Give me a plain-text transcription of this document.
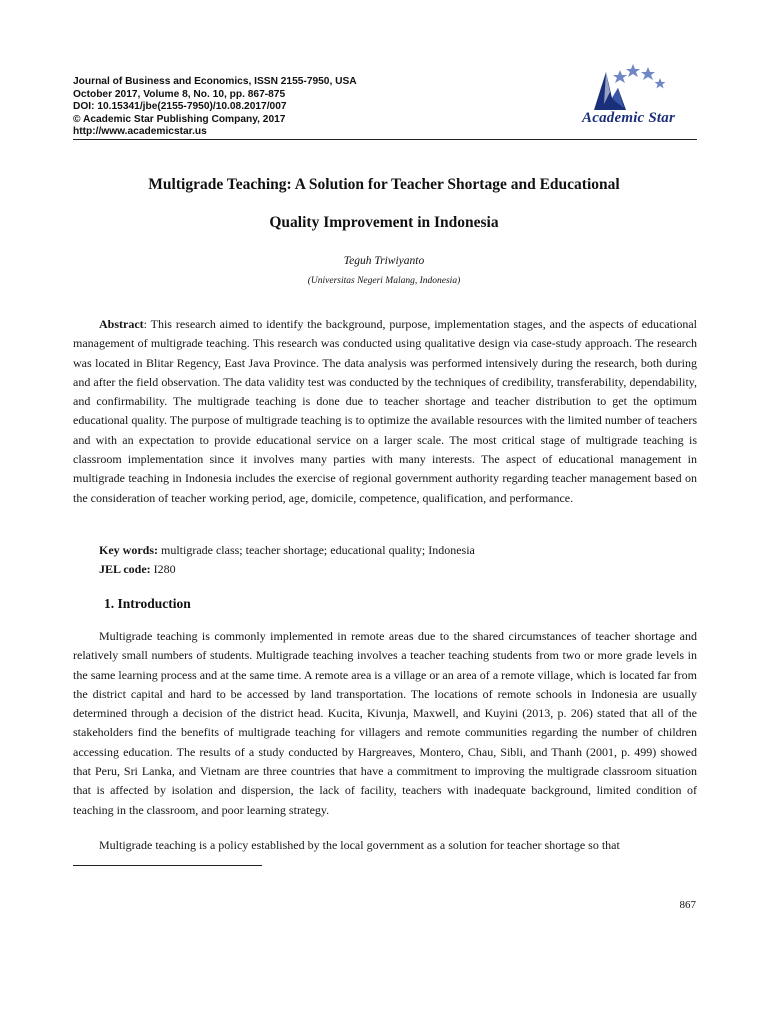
Journal of Business and Economics, ISSN 2155-7950, USA
October 2017, Volume 8, No. 10, pp. 867-875
DOI: 10.15341/jbe(2155-7950)/10.08.2017/007
© Academic Star Publishing Company, 2017
http://www.academicstar.us
Academic Star
Multigrade Teaching: A Solution for Teacher Shortage and Educational
Quality Improvement in Indonesia
Teguh Triwiyanto
(Universitas Negeri Malang, Indonesia)
Abstract: This research aimed to identify the background, purpose, implementation stages, and the aspects of educational management of multigrade teaching. This research was conducted using qualitative design via case-study approach. The research was located in Blitar Regency, East Java Province. The data analysis was performed intensively during the research, both during and after the field observation. The data validity test was conducted by the techniques of credibility, transferability, dependability, and confirmability. The multigrade teaching is done due to teacher shortage and teacher distribution to get the optimum educational quality. The purpose of multigrade teaching is to optimize the available resources with the limited number of teachers and with an expectation to provide educational service on a larger scale. The most critical stage of multigrade teaching is classroom implementation since it involves many parties with many interests. The aspect of educational management in multigrade teaching in Indonesia includes the exercise of regional government authority regarding teacher management based on the consideration of teacher working period, age, domicile, competence, qualification, and performance.
Key words: multigrade class; teacher shortage; educational quality; Indonesia
JEL code: I280
1. Introduction
Multigrade teaching is commonly implemented in remote areas due to the shared circumstances of teacher shortage and relatively small numbers of students. Multigrade teaching involves a teacher teaching students from two or more grade levels in the same learning process and at the same time. A remote area is a village or an area of a remote village, which is located far from the district capital and hard to be accessed by land transportation. The locations of remote schools in Indonesia are usually determined through a decision of the district head. Kucita, Kivunja, Maxwell, and Kuyini (2013, p. 206) stated that all of the stakeholders find the benefits of multigrade teaching for villagers and remote communities regarding the number of children accessing education. The results of a study conducted by Hargreaves, Montero, Chau, Sibli, and Thanh (2001, p. 499) showed that Peru, Sri Lanka, and Vietnam are three countries that have a commitment to improving the multigrade classroom situation that is affected by isolation and dispersion, the lack of facility, teachers with inadequate background, limited condition of teaching in the classroom, and poor learning strategy.
Multigrade teaching is a policy established by the local government as a solution for teacher shortage so that
867
